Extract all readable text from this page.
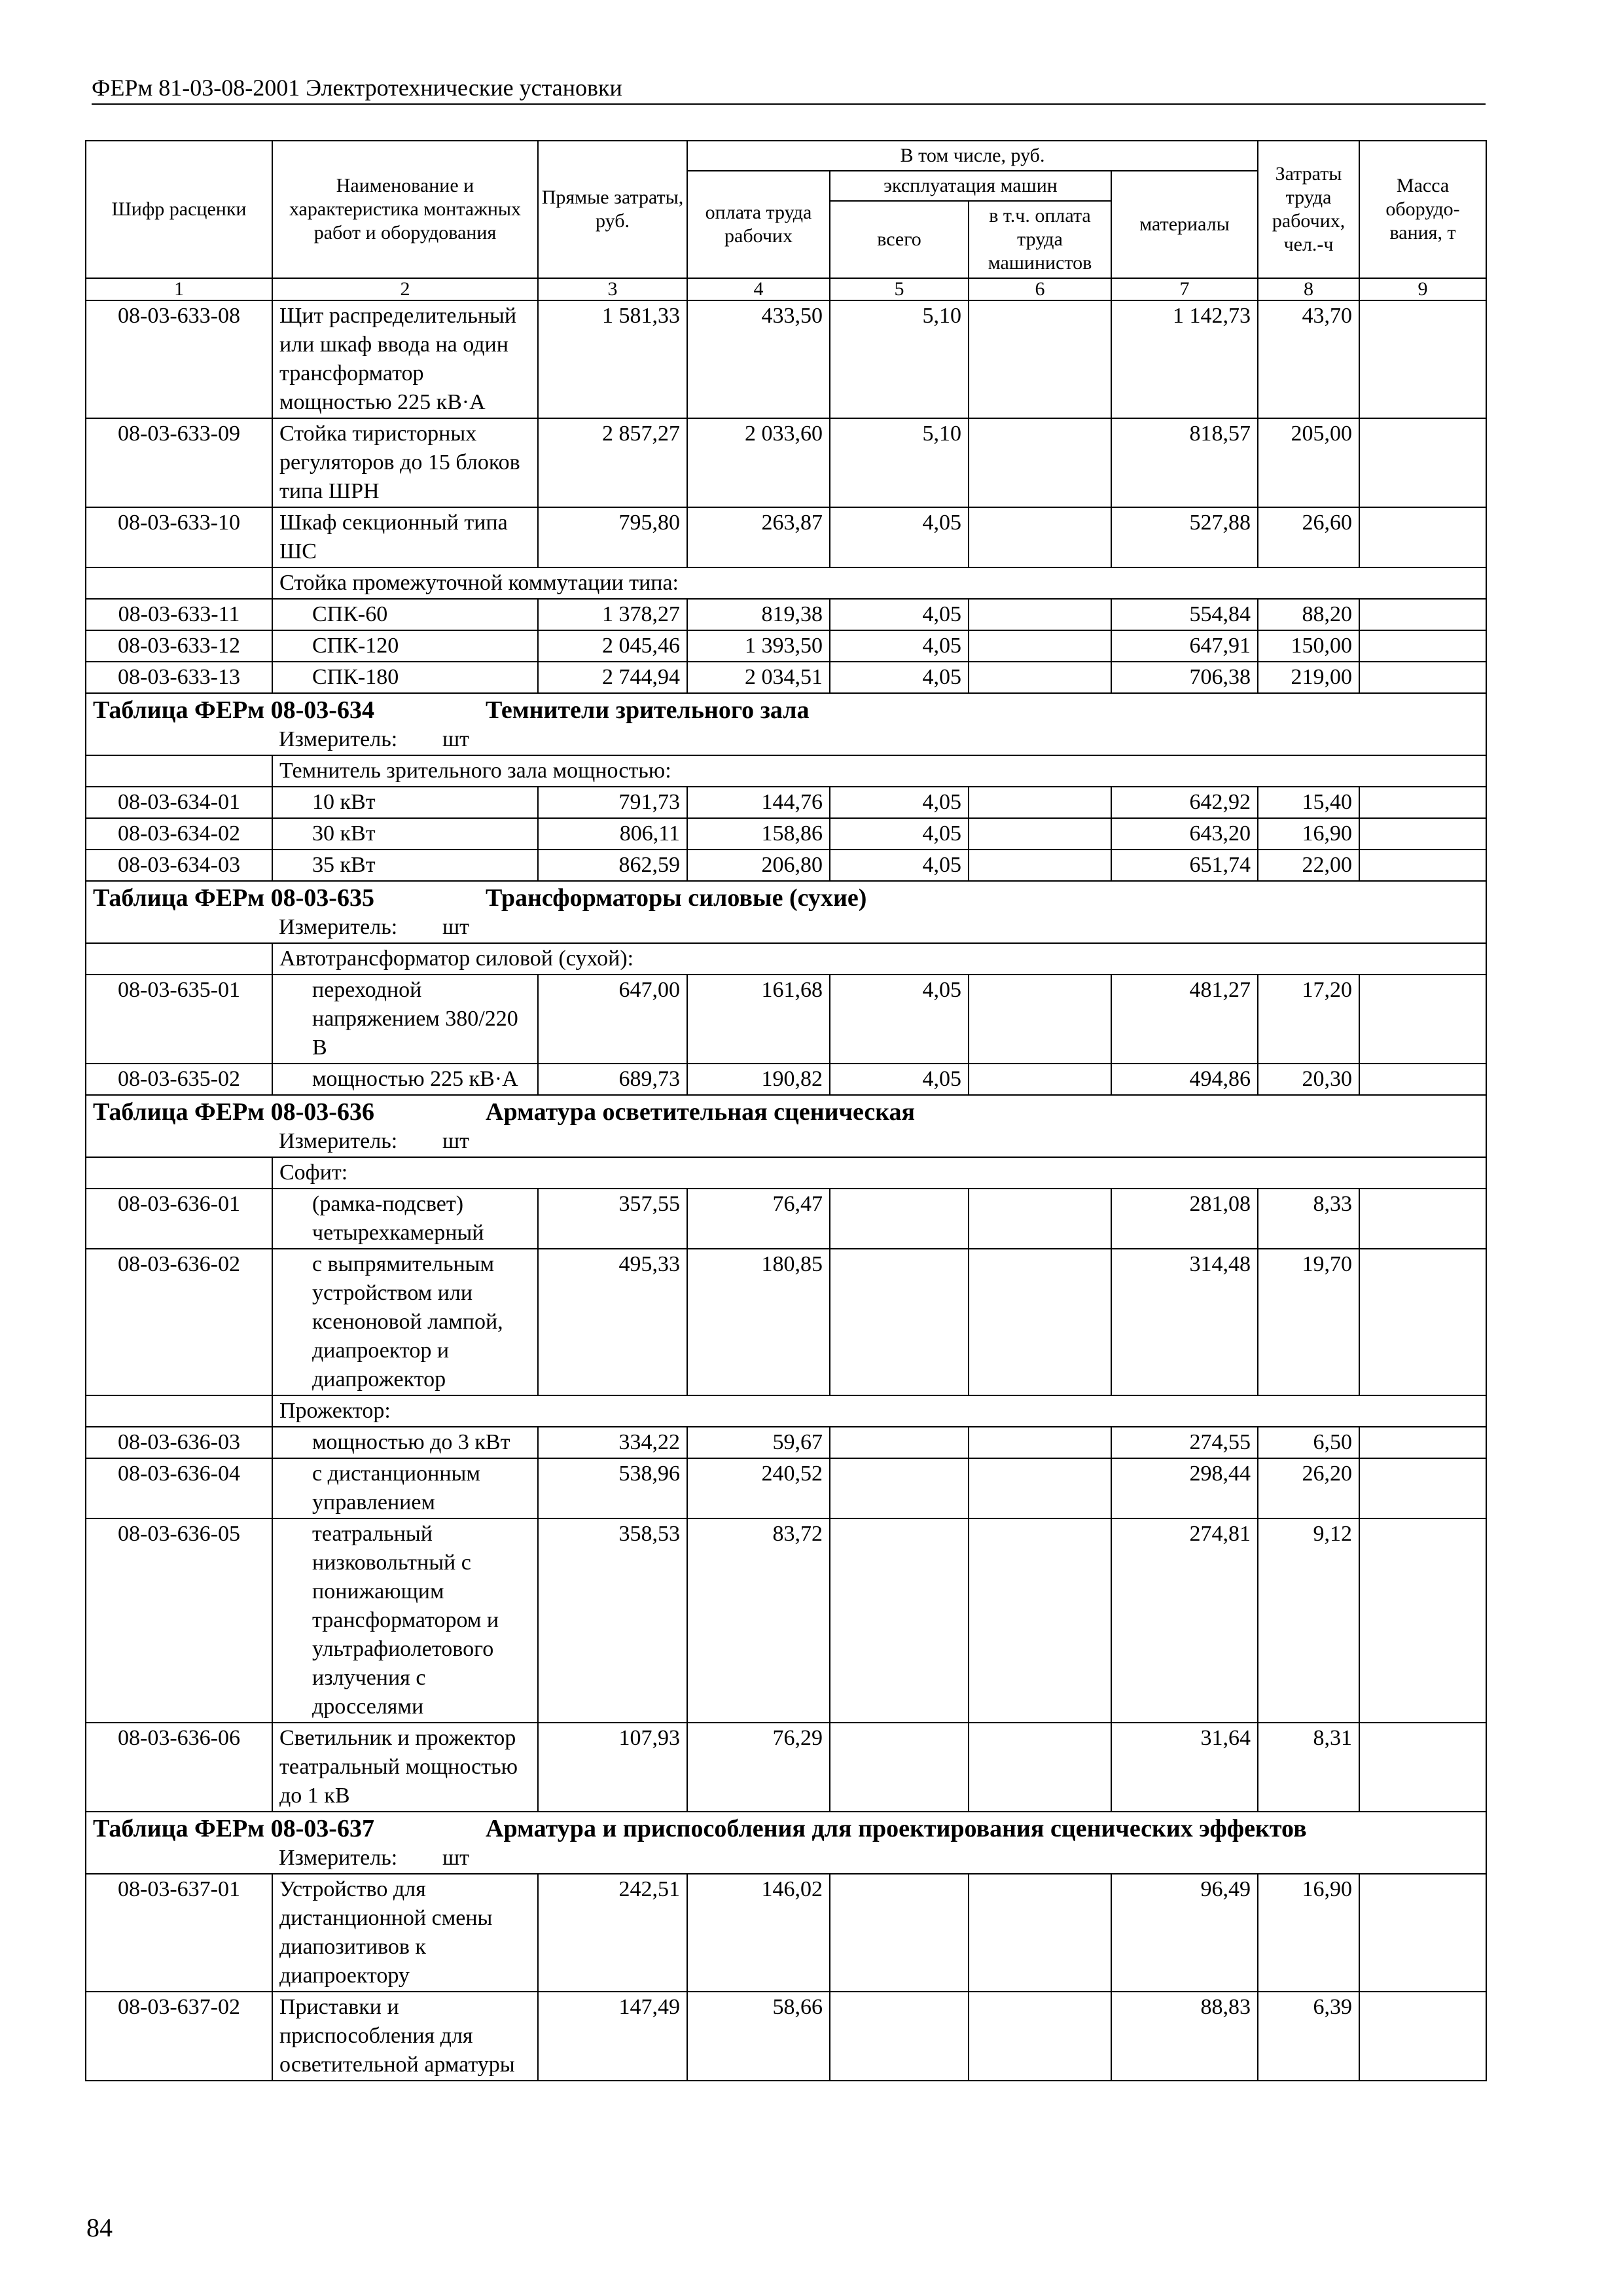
ФЕРм 81-03-08-2001 Электротехнические установки
Шифр расценки	Наименование и характеристика монтажных работ и оборудования	Прямые затраты, руб.	В том числе, руб.				Затраты труда рабочих, чел.-ч	Масса оборудо-вания, т
			оплата труда рабочих	эксплуатация машин		материалы		
				всего	в т.ч. оплата труда машинистов			
1	2	3	4	5	6	7	8	9
08-03-633-08	Щит распределительный или шкаф ввода на один трансформатор мощностью 225 кВ·А	1 581,33	433,50	5,10		1 142,73	43,70	
08-03-633-09	Стойка тиристорных регуляторов до 15 блоков типа ШРН	2 857,27	2 033,60	5,10		818,57	205,00	
08-03-633-10	Шкаф секционный типа ШС	795,80	263,87	4,05		527,88	26,60	
	Стойка промежуточной коммутации типа:							
08-03-633-11	СПК-60	1 378,27	819,38	4,05		554,84	88,20	
08-03-633-12	СПК-120	2 045,46	1 393,50	4,05		647,91	150,00	
08-03-633-13	СПК-180	2 744,94	2 034,51	4,05		706,38	219,00	
Таблица ФЕРм 08-03-634 Темнители зрительного зала								
	Измеритель: шт							
	Темнитель зрительного зала мощностью:							
08-03-634-01	10 кВт	791,73	144,76	4,05		642,92	15,40	
08-03-634-02	30 кВт	806,11	158,86	4,05		643,20	16,90	
08-03-634-03	35 кВт	862,59	206,80	4,05		651,74	22,00	
Таблица ФЕРм 08-03-635 Трансформаторы силовые (сухие)								
	Измеритель: шт							
	Автотрансформатор силовой (сухой):							
08-03-635-01	переходной напряжением 380/220 В	647,00	161,68	4,05		481,27	17,20	
08-03-635-02	мощностью 225 кВ·А	689,73	190,82	4,05		494,86	20,30	
Таблица ФЕРм 08-03-636 Арматура осветительная сценическая								
	Измеритель: шт							
	Софит:							
08-03-636-01	(рамка-подсвет) четырехкамерный	357,55	76,47			281,08	8,33	
08-03-636-02	с выпрямительным устройством или ксеноновой лампой, диапроектор и диапрожектор	495,33	180,85			314,48	19,70	
	Прожектор:							
08-03-636-03	мощностью до 3 кВт	334,22	59,67			274,55	6,50	
08-03-636-04	с дистанционным управлением	538,96	240,52			298,44	26,20	
08-03-636-05	театральный низковольтный с понижающим трансформатором и ультрафиолетового излучения с дросселями	358,53	83,72			274,81	9,12	
08-03-636-06	Светильник и прожектор театральный мощностью до 1 кВ	107,93	76,29			31,64	8,31	
Таблица ФЕРм 08-03-637 Арматура и приспособления для проектирования сценических эффектов								
	Измеритель: шт							
08-03-637-01	Устройство для дистанционной смены диапозитивов к диапроектору	242,51	146,02			96,49	16,90	
08-03-637-02	Приставки и приспособления для осветительной арматуры	147,49	58,66			88,83	6,39	
84
